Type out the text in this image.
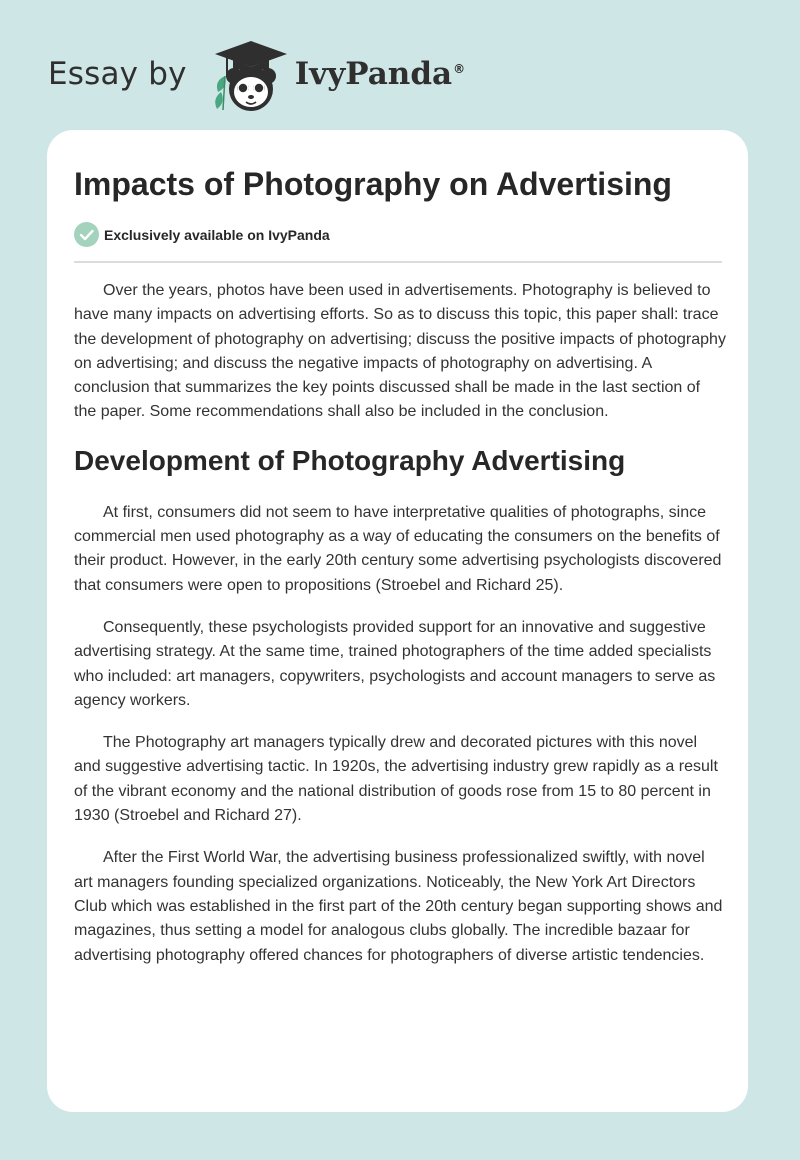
Essay by	IvyPanda®
Impacts of Photography on Advertising
Exclusively available on IvyPanda

Over the years, photos have been used in advertisements. Photography is believed to have many impacts on advertising efforts. So as to discuss this topic, this paper shall: trace the development of photography on advertising; discuss the positive impacts of photography on advertising; and discuss the negative impacts of photography on advertising. A conclusion that summarizes the key points discussed shall be made in the last section of the paper. Some recommendations shall also be included in the conclusion.

Development of Photography Advertising

At first, consumers did not seem to have interpretative qualities of photographs, since commercial men used photography as a way of educating the consumers on the benefits of their product. However, in the early 20th century some advertising psychologists discovered that consumers were open to propositions (Stroebel and Richard 25).

Consequently, these psychologists provided support for an innovative and suggestive advertising strategy. At the same time, trained photographers of the time added specialists who included: art managers, copywriters, psychologists and account managers to serve as agency workers.

The Photography art managers typically drew and decorated pictures with this novel and suggestive advertising tactic. In 1920s, the advertising industry grew rapidly as a result of the vibrant economy and the national distribution of goods rose from 15 to 80 percent in 1930 (Stroebel and Richard 27).

After the First World War, the advertising business professionalized swiftly, with novel art managers founding specialized organizations. Noticeably, the New York Art Directors Club which was established in the first part of the 20th century began supporting shows and magazines, thus setting a model for analogous clubs globally. The incredible bazaar for advertising photography offered chances for photographers of diverse artistic tendencies.
